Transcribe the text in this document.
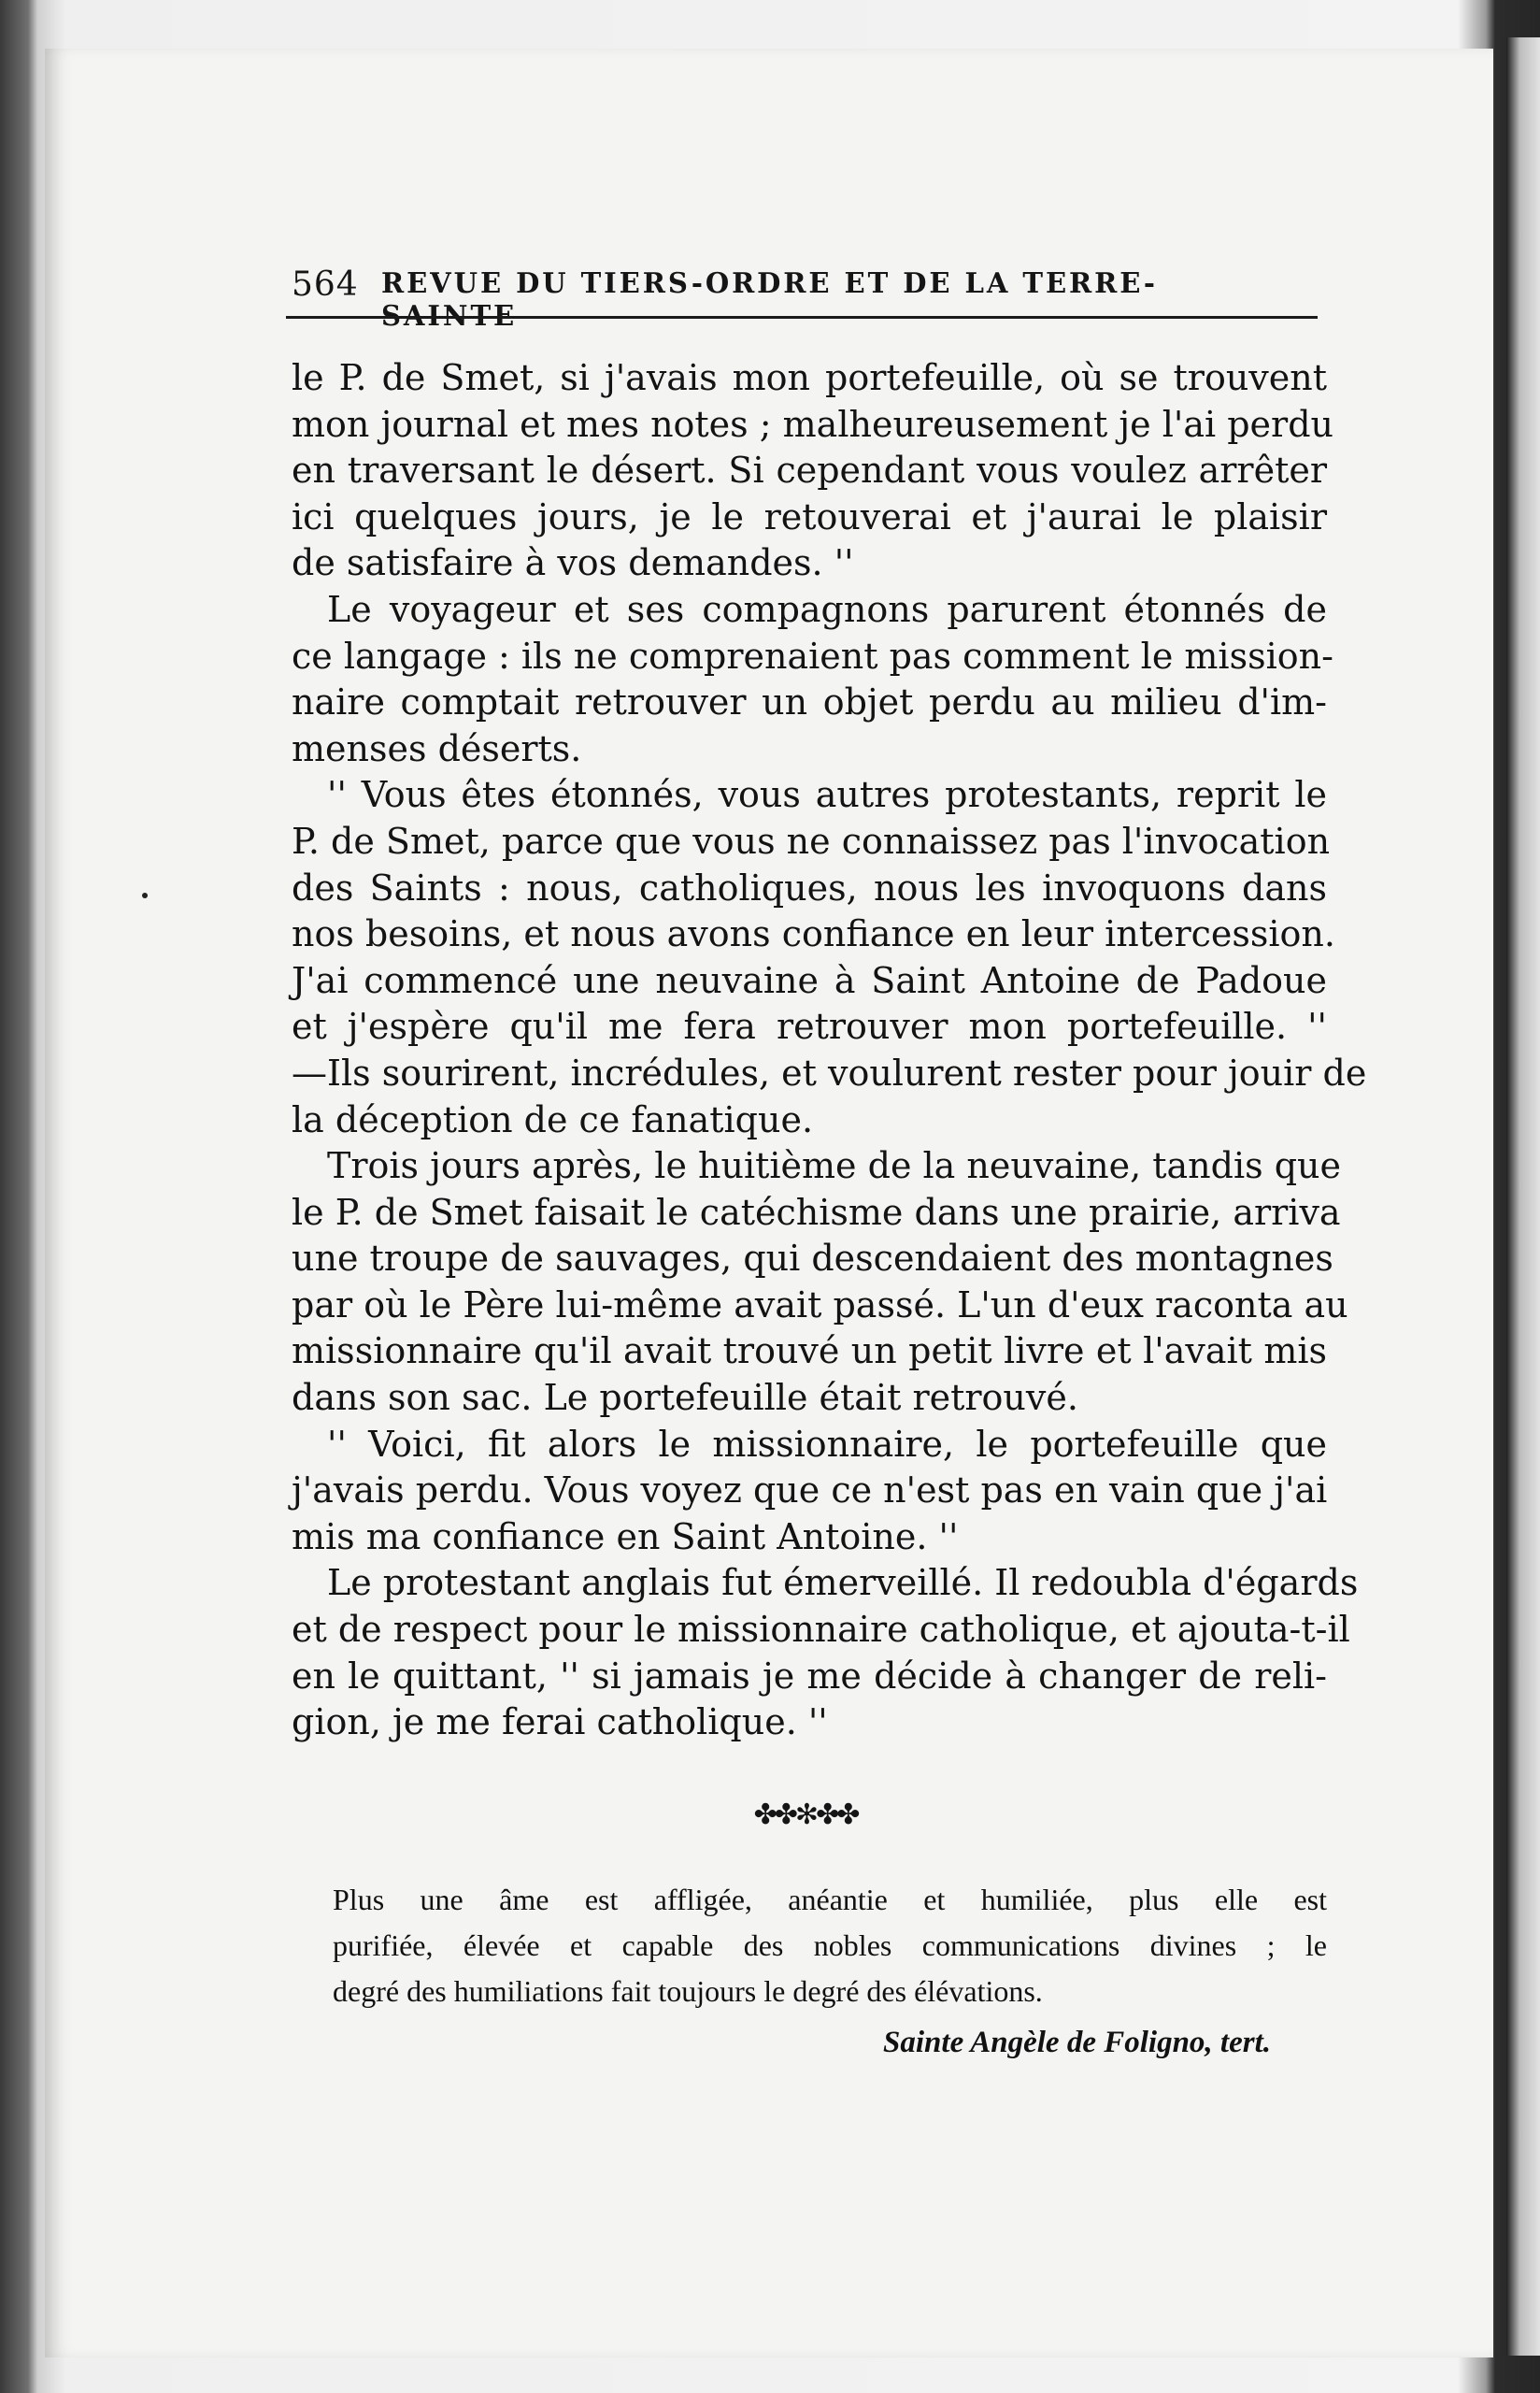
564 REVUE DU TIERS-ORDRE ET DE LA TERRE-SAINTE
le P. de Smet, si j'avais mon portefeuille, où se trouvent
mon journal et mes notes ; malheureusement je l'ai perdu
en traversant le désert. Si cependant vous voulez arrêter
ici quelques jours, je le retouverai et j'aurai le plaisir
de satisfaire à vos demandes. ''
Le voyageur et ses compagnons parurent étonnés de
ce langage : ils ne comprenaient pas comment le mission-
naire comptait retrouver un objet perdu au milieu d'im-
menses déserts.
'' Vous êtes étonnés, vous autres protestants, reprit le
P. de Smet, parce que vous ne connaissez pas l'invocation
des Saints : nous, catholiques, nous les invoquons dans
nos besoins, et nous avons confiance en leur intercession.
J'ai commencé une neuvaine à Saint Antoine de Padoue
et j'espère qu'il me fera retrouver mon portefeuille. ''
—Ils sourirent, incrédules, et voulurent rester pour jouir de
la déception de ce fanatique.
Trois jours après, le huitième de la neuvaine, tandis que
le P. de Smet faisait le catéchisme dans une prairie, arriva
une troupe de sauvages, qui descendaient des montagnes
par où le Père lui-même avait passé. L'un d'eux raconta au
missionnaire qu'il avait trouvé un petit livre et l'avait mis
dans son sac. Le portefeuille était retrouvé.
'' Voici, fit alors le missionnaire, le portefeuille que
j'avais perdu. Vous voyez que ce n'est pas en vain que j'ai
mis ma confiance en Saint Antoine. ''
Le protestant anglais fut émerveillé. Il redoubla d'égards
et de respect pour le missionnaire catholique, et ajouta-t-il
en le quittant, '' si jamais je me décide à changer de reli-
gion, je me ferai catholique. ''
✤✤✻✤✤
Plus une âme est affligée, anéantie et humiliée, plus elle est
purifiée, élevée et capable des nobles communications divines ; le
degré des humiliations fait toujours le degré des élévations.
Sainte Angèle de Foligno, tert.
